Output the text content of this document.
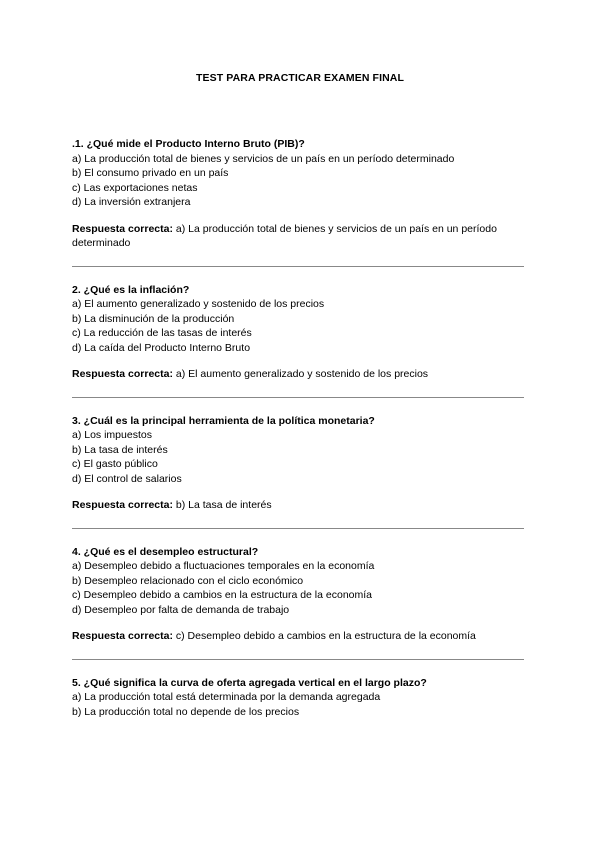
TEST PARA PRACTICAR EXAMEN FINAL

.1. ¿Qué mide el Producto Interno Bruto (PIB)?

a) La producción total de bienes y servicios de un país en un período determinado

b) El consumo privado en un país

c) Las exportaciones netas

d) La inversión extranjera

Respuesta correcta: a) La producción total de bienes y servicios de un país en un período determinado

2. ¿Qué es la inflación?

a) El aumento generalizado y sostenido de los precios

b) La disminución de la producción

c) La reducción de las tasas de interés

d) La caída del Producto Interno Bruto

Respuesta correcta: a) El aumento generalizado y sostenido de los precios

3. ¿Cuál es la principal herramienta de la política monetaria?

a) Los impuestos

b) La tasa de interés

c) El gasto público

d) El control de salarios

Respuesta correcta: b) La tasa de interés

4. ¿Qué es el desempleo estructural?

a) Desempleo debido a fluctuaciones temporales en la economía

b) Desempleo relacionado con el ciclo económico

c) Desempleo debido a cambios en la estructura de la economía

d) Desempleo por falta de demanda de trabajo

Respuesta correcta: c) Desempleo debido a cambios en la estructura de la economía

5. ¿Qué significa la curva de oferta agregada vertical en el largo plazo?

a) La producción total está determinada por la demanda agregada

b) La producción total no depende de los precios
